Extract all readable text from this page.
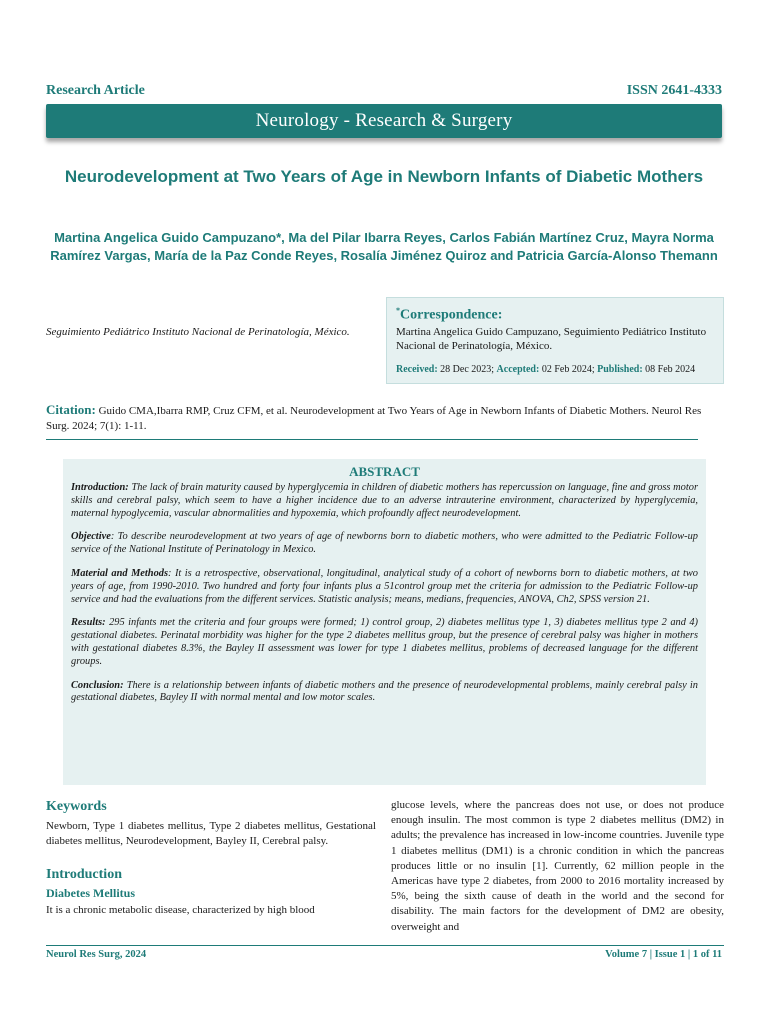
Research Article	ISSN 2641-4333
Neurology - Research & Surgery
Neurodevelopment at Two Years of Age in Newborn Infants of Diabetic Mothers
Martina Angelica Guido Campuzano*, Ma del Pilar Ibarra Reyes, Carlos Fabián Martínez Cruz, Mayra Norma Ramírez Vargas, María de la Paz Conde Reyes, Rosalía Jiménez Quiroz and Patricia García-Alonso Themann
Seguimiento Pediátrico Instituto Nacional de Perinatología, México.
*Correspondence:
Martina Angelica Guido Campuzano, Seguimiento Pediátrico Instituto Nacional de Perinatología, México.
Received: 28 Dec 2023; Accepted: 02 Feb 2024; Published: 08 Feb 2024
Citation: Guido CMA,Ibarra RMP, Cruz CFM, et al. Neurodevelopment at Two Years of Age in Newborn Infants of Diabetic Mothers. Neurol Res Surg. 2024; 7(1): 1-11.
ABSTRACT

Introduction: The lack of brain maturity caused by hyperglycemia in children of diabetic mothers has repercussion on language, fine and gross motor skills and cerebral palsy, which seem to have a higher incidence due to an adverse intrauterine environment, characterized by hyperglycemia, maternal hypoglycemia, vascular abnormalities and hypoxemia, which profoundly affect neurodevelopment.

Objective: To describe neurodevelopment at two years of age of newborns born to diabetic mothers, who were admitted to the Pediatric Follow-up service of the National Institute of Perinatology in Mexico.

Material and Methods: It is a retrospective, observational, longitudinal, analytical study of a cohort of newborns born to diabetic mothers, at two years of age, from 1990-2010. Two hundred and forty four infants plus a 51control group met the criteria for admission to the Pediatric Follow-up service and had the evaluations from the different services. Statistic analysis; means, medians, frequencies, ANOVA, Ch2, SPSS version 21.

Results: 295 infants met the criteria and four groups were formed; 1) control group, 2) diabetes mellitus type 1, 3) diabetes mellitus type 2 and 4) gestational diabetes. Perinatal morbidity was higher for the type 2 diabetes mellitus group, but the presence of cerebral palsy was higher in mothers with gestational diabetes 8.3%, the Bayley II assessment was lower for type 1 diabetes mellitus, problems of decreased language for the different groups.

Conclusion: There is a relationship between infants of diabetic mothers and the presence of neurodevelopmental problems, mainly cerebral palsy in gestational diabetes, Bayley II with normal mental and low motor scales.

Keywords

Newborn, Type 1 diabetes mellitus, Type 2 diabetes mellitus, Gestational diabetes mellitus, Neurodevelopment, Bayley II, Cerebral palsy.

Introduction
Diabetes Mellitus

It is a chronic metabolic disease, characterized by high blood

glucose levels, where the pancreas does not use, or does not produce enough insulin. The most common is type 2 diabetes mellitus (DM2) in adults; the prevalence has increased in low-income countries. Juvenile type 1 diabetes mellitus (DM1) is a chronic condition in which the pancreas produces little or no insulin [1]. Currently, 62 million people in the Americas have type 2 diabetes, from 2000 to 2016 mortality increased by 5%, being the sixth cause of death in the world and the second for disability. The main factors for the development of DM2 are obesity, overweight and

Neurol Res Surg, 2024	Volume 7 | Issue 1 | 1 of 11
